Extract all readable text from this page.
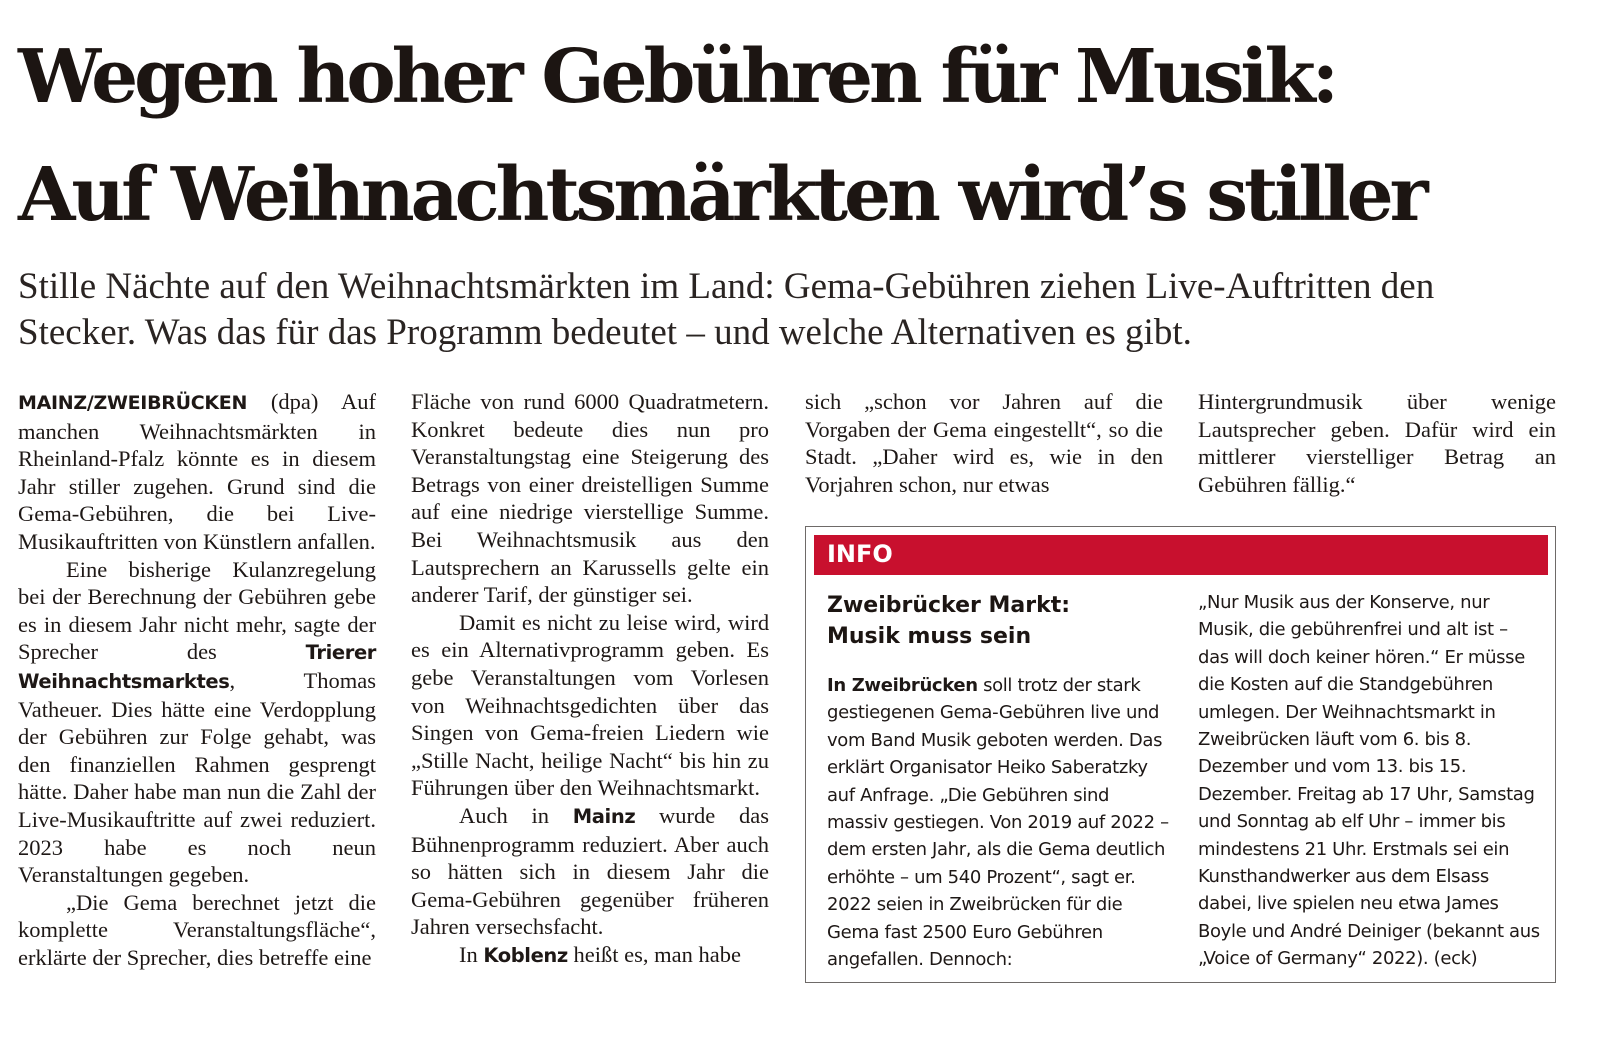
Wegen hoher Gebühren für Musik:
Auf Weihnachtsmärkten wird’s stiller
Stille Nächte auf den Weihnachtsmärkten im Land: Gema-Gebühren ziehen Live-Auftritten den
Stecker. Was das für das Programm bedeutet – und welche Alternativen es gibt.

MAINZ/ZWEIBRÜCKEN (dpa) Auf manchen Weihnachtsmärkten in Rheinland-Pfalz könnte es in diesem Jahr stiller zugehen. Grund sind die Gema-Gebühren, die bei Live-Musikauftritten von Künstlern anfallen.

Eine bisherige Kulanzregelung bei der Berechnung der Gebühren gebe es in diesem Jahr nicht mehr, sagte der Sprecher	des	Trierer Weihnachtsmarktes,	Thomas Vatheuer. Dies hätte eine Verdopplung der Gebühren zur Folge gehabt, was den finanziellen Rahmen gesprengt hätte. Daher habe man nun die Zahl der Live-Musikauftritte auf zwei reduziert. 2023 habe es noch neun Veranstaltungen gegeben.

„Die Gema berechnet jetzt die komplette	Veranstaltungsfläche“, erklärte der Sprecher, dies betreffe eine

Fläche von rund 6000 Quadratmetern. Konkret bedeute dies nun pro Veranstaltungstag eine Steigerung des Betrags von einer dreistelligen Summe auf eine niedrige vierstellige Summe. Bei Weihnachtsmusik aus den Lautsprechern an Karussells gelte ein anderer Tarif, der günstiger sei.

Damit es nicht zu leise wird, wird es ein Alternativprogramm geben. Es gebe Veranstaltungen vom Vorlesen von Weihnachtsgedichten über das Singen von Gema-freien Liedern wie „Stille Nacht, heilige Nacht“ bis hin zu Führungen über den Weihnachtsmarkt.

Auch in Mainz wurde das Bühnenprogramm reduziert. Aber auch so hätten sich in diesem Jahr die Gema-Gebühren gegenüber früheren Jahren versechsfacht.

In Koblenz heißt es, man habe

sich „schon vor Jahren auf die Vorgaben der Gema eingestellt“, so die Stadt. „Daher wird es, wie in den Vorjahren schon, nur etwas

Hintergrundmusik über wenige Lautsprecher geben. Dafür wird ein mittlerer vierstelliger Betrag an Gebühren fällig.“

INFO
Zweibrücker Markt:
Musik muss sein

In Zweibrücken soll trotz der stark gestiegenen Gema-Gebühren live und vom Band Musik geboten werden. Das erklärt Organisator Heiko Saberatzky auf Anfrage. „Die Gebühren sind massiv gestiegen. Von 2019 auf 2022 – dem ersten Jahr, als die Gema deutlich erhöhte – um 540 Prozent“, sagt er. 2022 seien in Zweibrücken für die Gema fast 2500 Euro Gebühren angefallen. Dennoch:

„Nur Musik aus der Konserve, nur Musik, die gebührenfrei und alt ist – das will doch keiner hören.“ Er müsse die Kosten auf die Standgebühren umlegen. Der Weihnachtsmarkt in Zweibrücken läuft vom 6. bis 8. Dezember und vom 13. bis 15. Dezember. Freitag ab 17 Uhr, Samstag und Sonntag ab elf Uhr – immer bis mindestens 21 Uhr. Erstmals sei ein Kunsthandwerker aus dem Elsass dabei, live spielen neu etwa James Boyle und André Deiniger (bekannt aus „Voice of Germany“ 2022). (eck)
